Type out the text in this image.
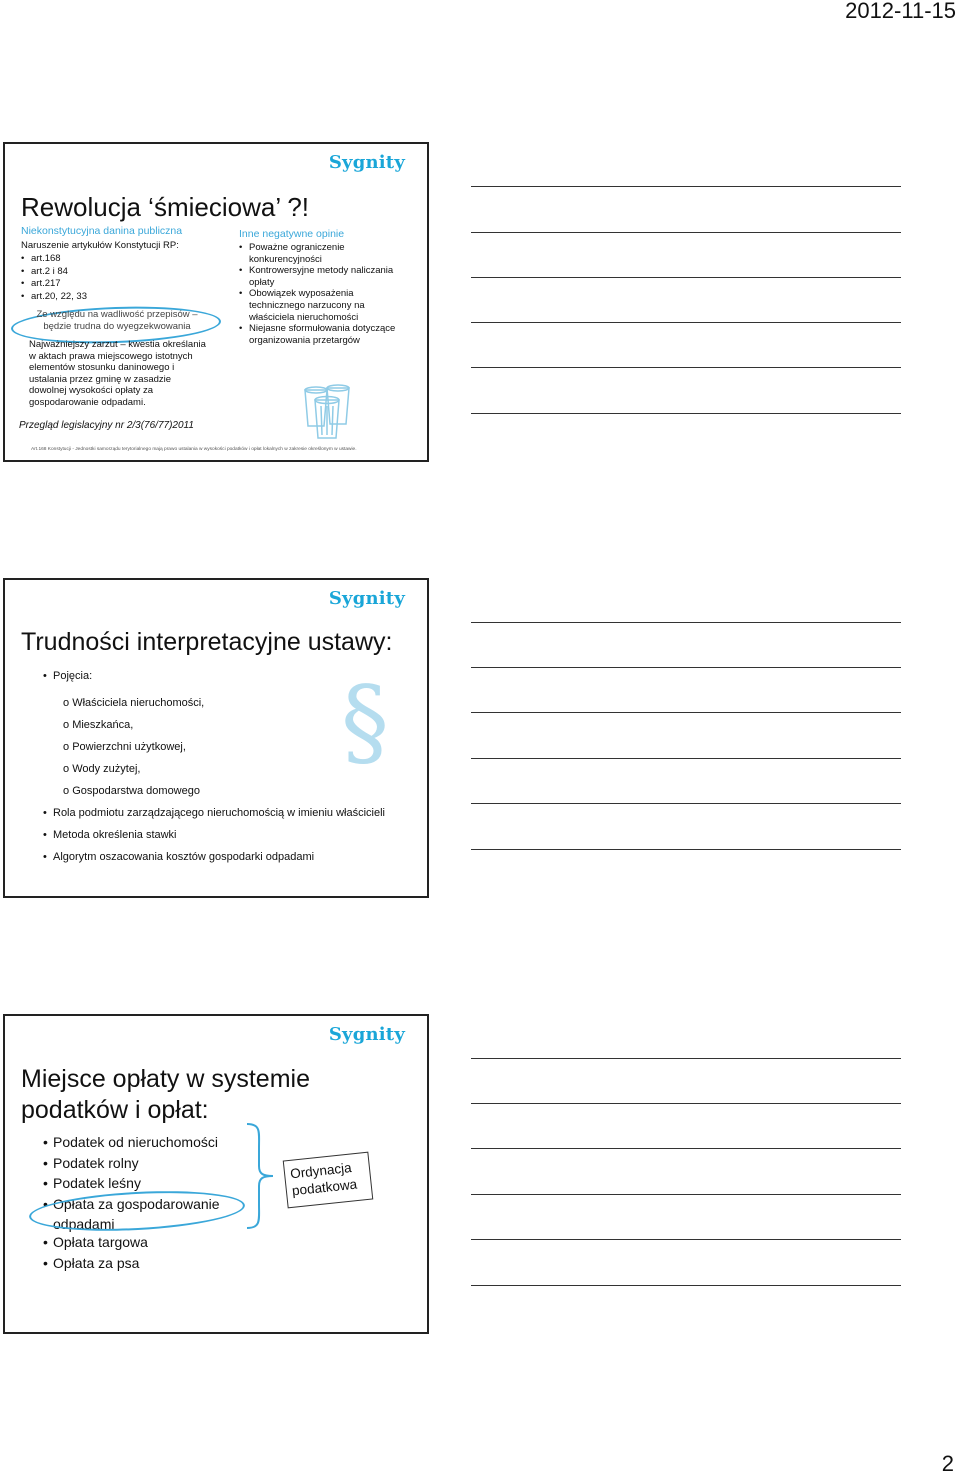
2012-11-15
2
Sygnity
Rewolucja ‘śmieciowa’ ?!
Niekonstytucyjna danina publiczna
Naruszenie artykułów Konstytucji RP:
• art.168
• art.2 i 84
• art.217
• art.20, 22, 33
Ze względu na wadliwość przepisów – będzie trudna do wyegzekwowania
Najważniejszy zarzut – kwestia określania w aktach prawa miejscowego istotnych elementów stosunku daninowego i ustalania przez gminę w zasadzie dowolnej wysokości opłaty za gospodarowanie odpadami.
Inne negatywne opinie
• Poważne ograniczenie konkurencyjności
• Kontrowersyjne metody naliczania opłaty
• Obowiązek wyposażenia technicznego narzucony na właściciela nieruchomości
• Niejasne sformułowania dotyczące organizowania przetargów
Przegląd legislacyjny nr 2/3(76/77)2011
Art.168 Konstytucji - Jednostki samorządu terytorialnego mają prawo ustalania w wysokości podatków i opłat lokalnych w zakresie określonym w ustawie.
Sygnity
Trudności interpretacyjne ustawy:
• Pojęcia:
o Właściciela nieruchomości,
o Mieszkańca,
o Powierzchni użytkowej,
o Wody zużytej,
o Gospodarstwa domowego
§
• Rola podmiotu zarządzającego nieruchomością w imieniu właścicieli
• Metoda określenia stawki
• Algorytm oszacowania kosztów gospodarki odpadami
Sygnity
Miejsce opłaty w systemie
podatków i opłat:
• Podatek od nieruchomości
• Podatek rolny
• Podatek leśny
• Opłata za gospodarowanie odpadami
• Opłata targowa
• Opłata za psa
Ordynacja
podatkowa
